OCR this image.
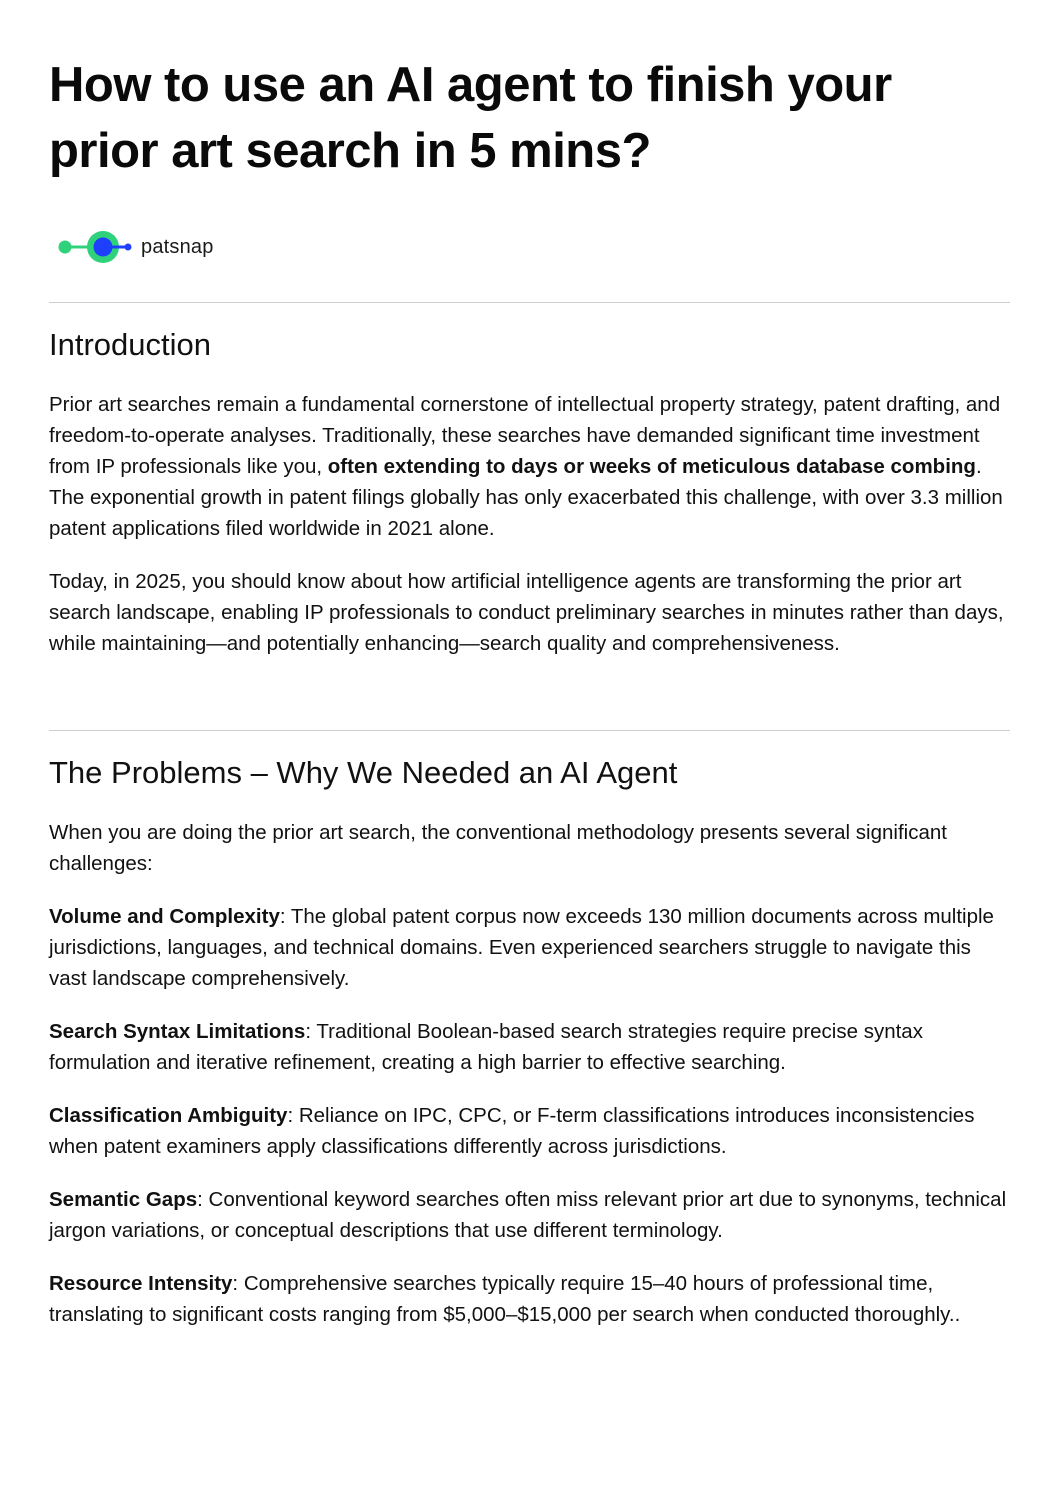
How to use an AI agent to finish your prior art search in 5 mins?
patsnap
Introduction

Prior art searches remain a fundamental cornerstone of intellectual property strategy, patent drafting, and freedom-to-operate analyses. Traditionally, these searches have demanded significant time investment from IP professionals like you, often extending to days or weeks of meticulous database combing. The exponential growth in patent filings globally has only exacerbated this challenge, with over 3.3 million patent applications filed worldwide in 2021 alone.

Today, in 2025, you should know about how artificial intelligence agents are transforming the prior art search landscape, enabling IP professionals to conduct preliminary searches in minutes rather than days, while maintaining—and potentially enhancing—search quality and comprehensiveness.

The Problems – Why We Needed an AI Agent

When you are doing the prior art search, the conventional methodology presents several significant challenges:

Volume and Complexity: The global patent corpus now exceeds 130 million documents across multiple jurisdictions, languages, and technical domains. Even experienced searchers struggle to navigate this vast landscape comprehensively.

Search Syntax Limitations: Traditional Boolean-based search strategies require precise syntax formulation and iterative refinement, creating a high barrier to effective searching.

Classification Ambiguity: Reliance on IPC, CPC, or F-term classifications introduces inconsistencies when patent examiners apply classifications differently across jurisdictions.

Semantic Gaps: Conventional keyword searches often miss relevant prior art due to synonyms, technical jargon variations, or conceptual descriptions that use different terminology.

Resource Intensity: Comprehensive searches typically require 15–40 hours of professional time, translating to significant costs ranging from $5,000–$15,000 per search when conducted thoroughly..
